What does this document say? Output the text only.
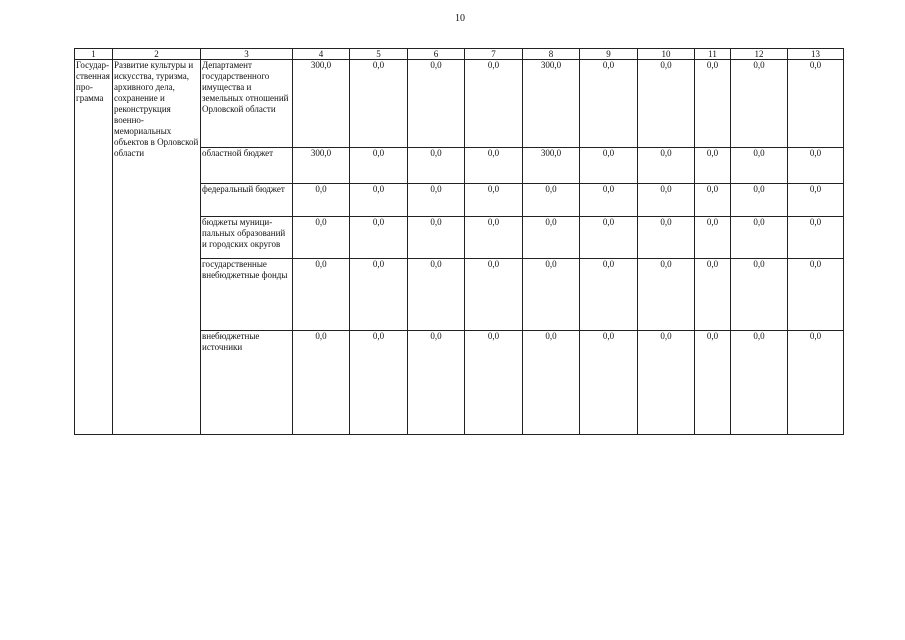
10
1	2	3	4	5	6	7	8	9	10	11	12	13
Государ-ственная про-грамма	Развитие культуры и искусства, туризма, архивного дела, сохранение и реконструкция военно-мемориальных объектов в Орловской области	Департамент государственного имущества и земельных отношений Орловской области	300,0	0,0	0,0	0,0	300,0	0,0	0,0	0,0	0,0	0,0
		областной бюджет	300,0	0,0	0,0	0,0	300,0	0,0	0,0	0,0	0,0	0,0
		федеральный бюджет	0,0	0,0	0,0	0,0	0,0	0,0	0,0	0,0	0,0	0,0
		бюджеты муници-пальных образований и городских округов	0,0	0,0	0,0	0,0	0,0	0,0	0,0	0,0	0,0	0,0
		государственные внебюджетные фонды	0,0	0,0	0,0	0,0	0,0	0,0	0,0	0,0	0,0	0,0
		внебюджетные источники	0,0	0,0	0,0	0,0	0,0	0,0	0,0	0,0	0,0	0,0
